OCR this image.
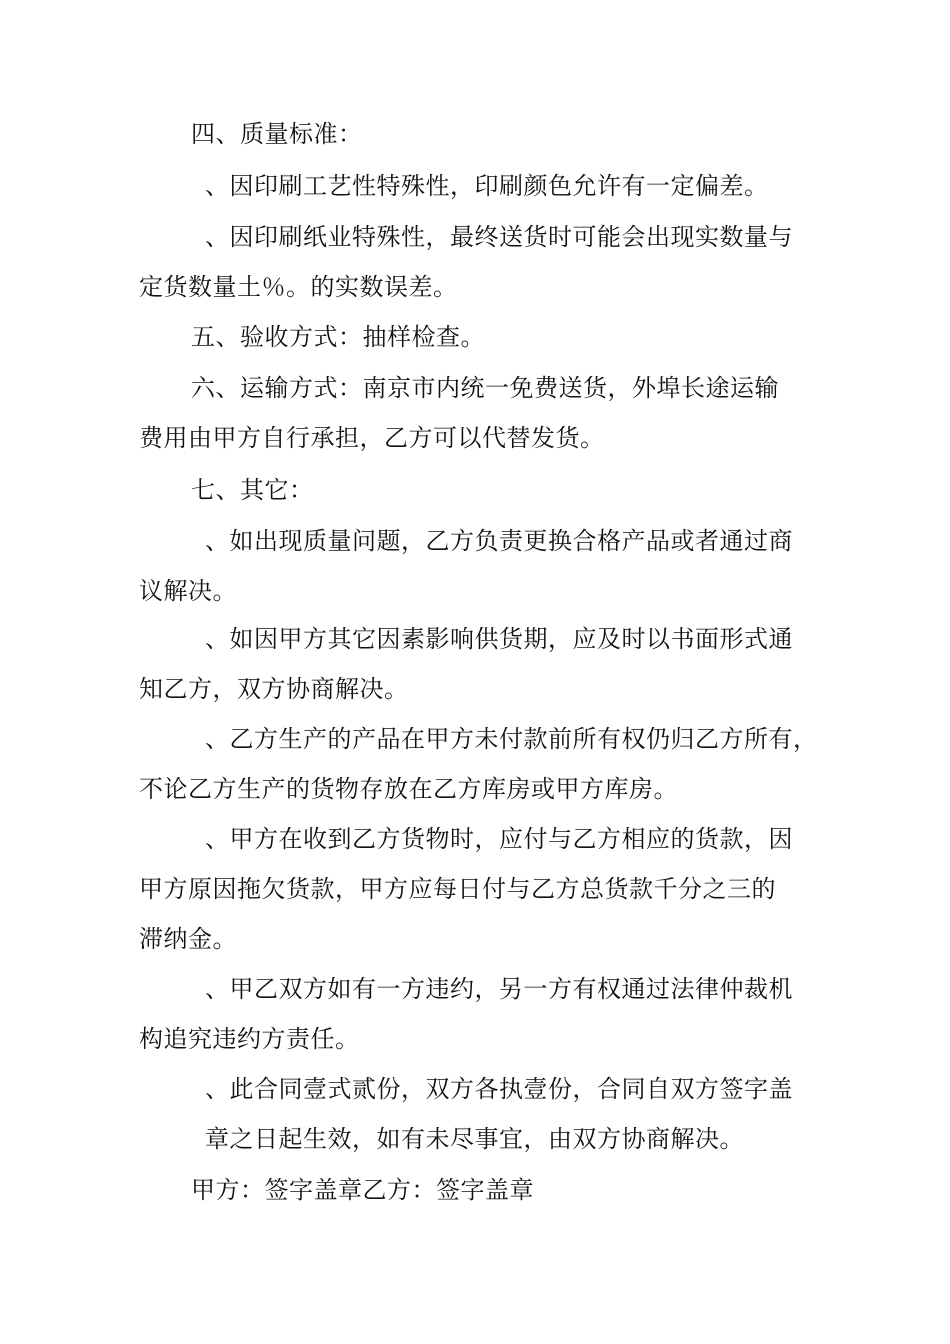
四、质量标准：
、因印刷工艺性特殊性，印刷颜色允许有一定偏差。
、因印刷纸业特殊性，最终送货时可能会出现实数量与
定货数量土％。的实数误差。
五、验收方式：抽样检查。
六、运输方式：南京市内统一免费送货，外埠长途运输
费用由甲方自行承担，乙方可以代替发货。
七、其它：
、如出现质量问题，乙方负责更换合格产品或者通过商
议解决。
、如因甲方其它因素影响供货期，应及时以书面形式通
知乙方，双方协商解决。
、乙方生产的产品在甲方未付款前所有权仍归乙方所有，
不论乙方生产的货物存放在乙方库房或甲方库房。
、甲方在收到乙方货物时，应付与乙方相应的货款，因
甲方原因拖欠货款，甲方应每日付与乙方总货款千分之三的
滞纳金。
、甲乙双方如有一方违约，另一方有权通过法律仲裁机
构追究违约方责任。
、此合同壹式贰份，双方各执壹份，合同自双方签字盖
章之日起生效，如有未尽事宜，由双方协商解决。
甲方：签字盖章乙方：签字盖章
